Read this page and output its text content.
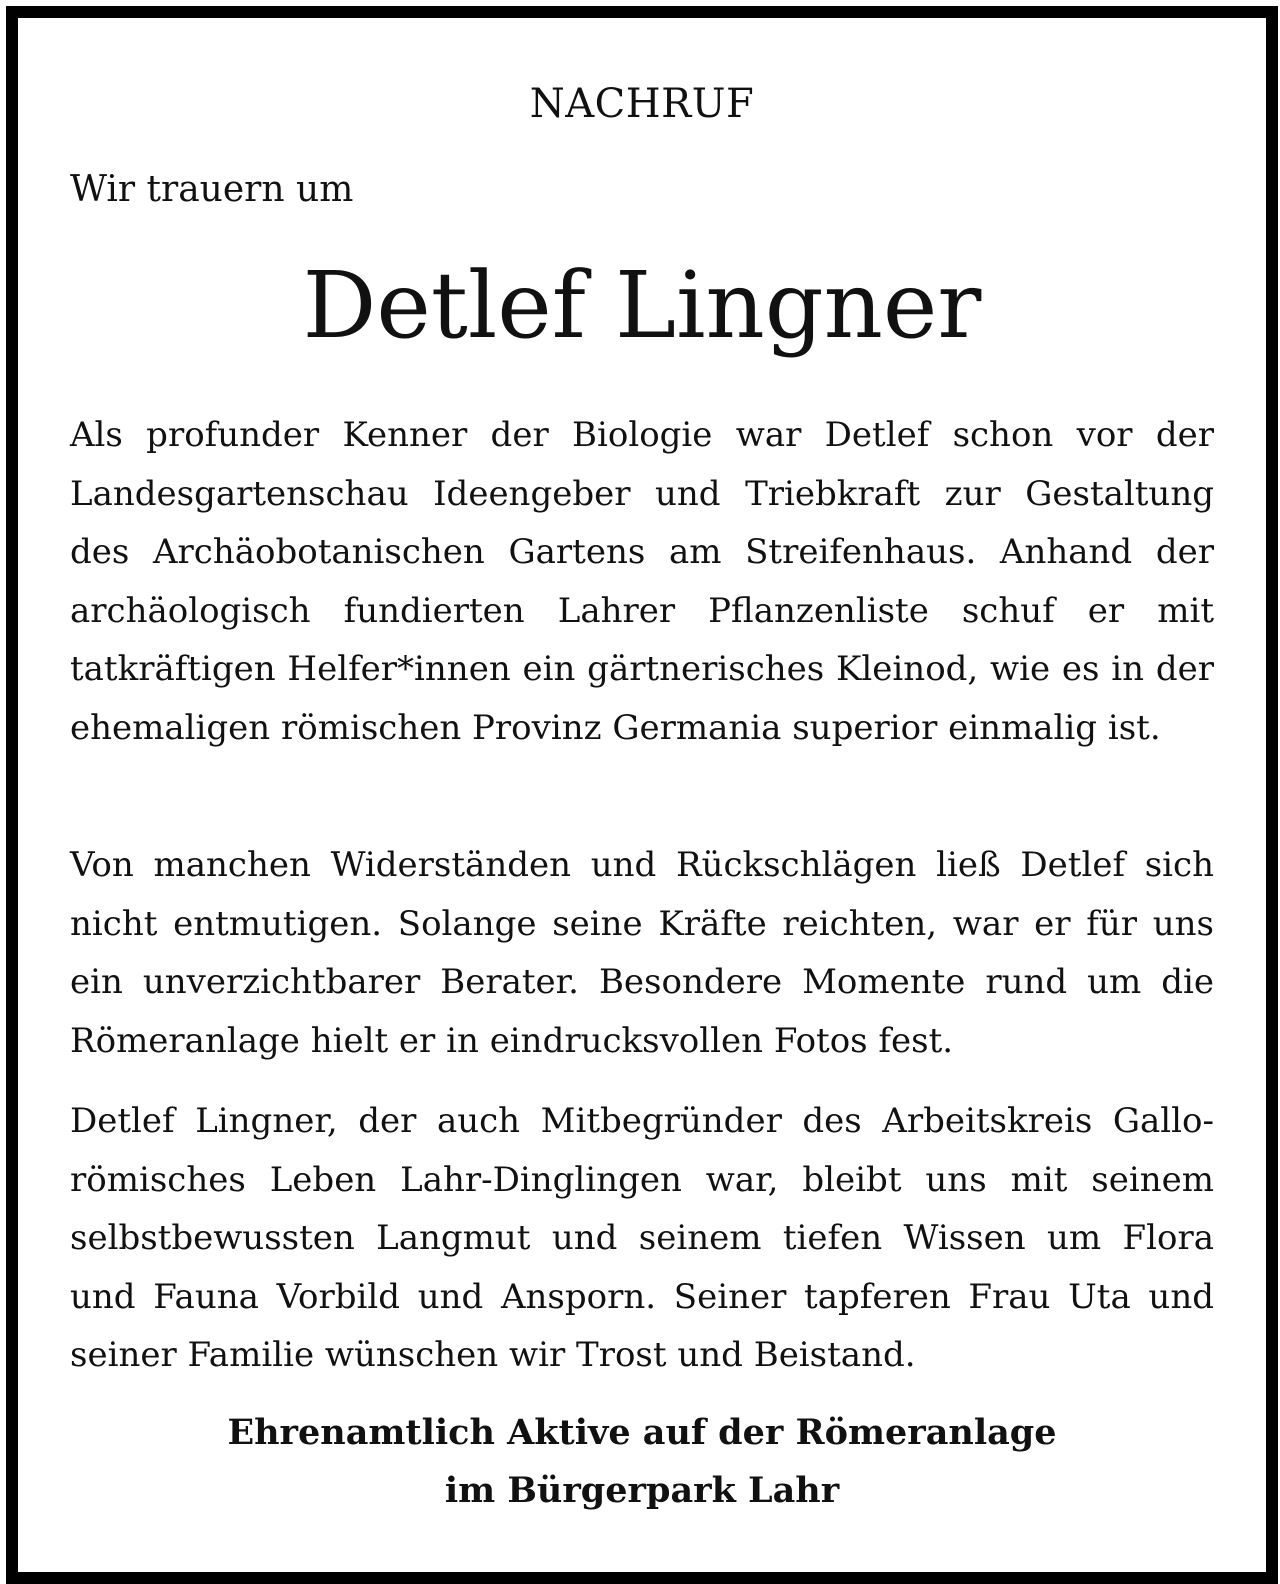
NACHRUF
Wir trauern um
Detlef Lingner

Als profunder Kenner der Biologie war Detlef schon vor der Landesgartenschau Ideengeber und Triebkraft zur Gestaltung des Archäobotanischen Gartens am Streifenhaus. Anhand der archäologisch fundierten Lahrer Pflanzenliste schuf er mit tatkräftigen Helfer*innen ein gärtnerisches Kleinod, wie es in der ehemaligen römischen Provinz Germania superior einmalig ist.

Von manchen Widerständen und Rückschlägen ließ Detlef sich nicht entmutigen. Solange seine Kräfte reichten, war er für uns ein unverzichtbarer Berater. Besondere Momente rund um die Römeranlage hielt er in eindrucksvollen Fotos fest.

Detlef Lingner, der auch Mitbegründer des Arbeitskreis Gallo-römisches Leben Lahr-Dinglingen war, bleibt uns mit seinem selbstbewussten Langmut und seinem tiefen Wissen um Flora und Fauna Vorbild und Ansporn. Seiner tapferen Frau Uta und seiner Familie wünschen wir Trost und Beistand.

Ehrenamtlich Aktive auf der Römeranlage
im Bürgerpark Lahr
